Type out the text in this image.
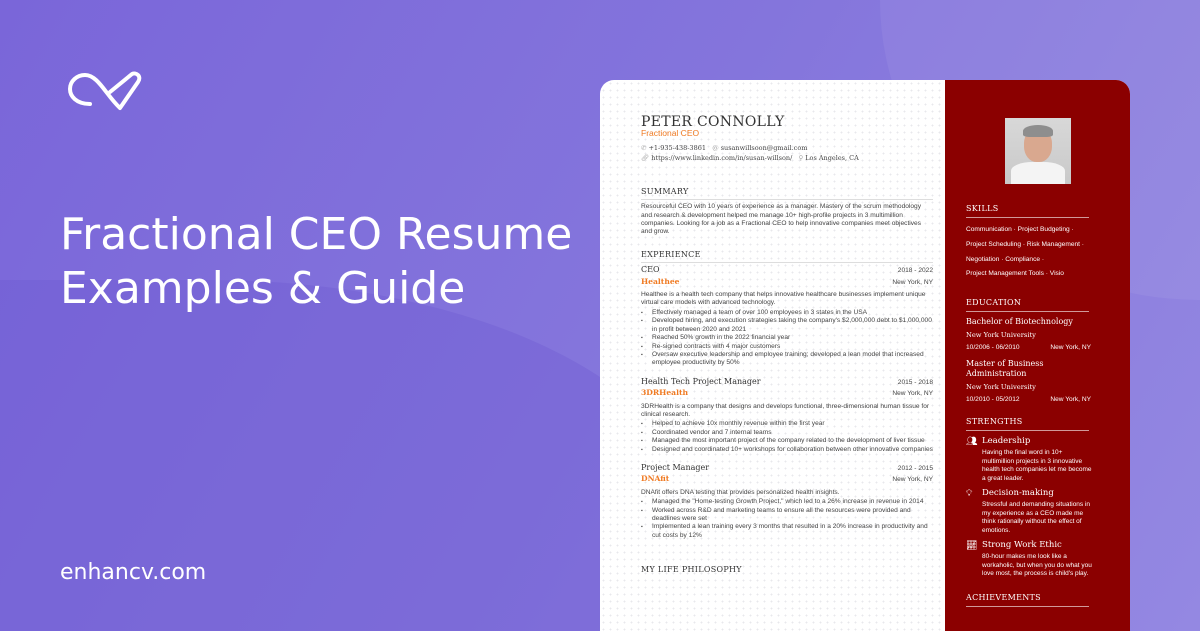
Fractional CEO Resume Examples & Guide
enhancv.com
PETER CONNOLLY
Fractional CEO
✆ +1-935-438-3861 @ susanwillsoon@gmail.com
🔗︎ https://www.linkedin.com/in/susan-willson/ ⚲ Los Angeles, CA
SUMMARY
Resourceful CEO with 10 years of experience as a manager. Mastery of the scrum methodology and research & development helped me manage 10+ high-profile projects in 3 multimillion companies. Looking for a job as a Fractional CEO to help innovative companies meet objectives and grow.
EXPERIENCE
CEO	2018 - 2022
Healthee	New York, NY
Healthee is a health tech company that helps innovative healthcare businesses implement unique virtual care models with advanced technology.
▪ Effectively managed a team of over 100 employees in 3 states in the USA
▪ Developed hiring, and execution strategies taking the company's $2,000,000 debt to $1,000,000 in profit between 2020 and 2021
▪ Reached 50% growth in the 2022 financial year
▪ Re-signed contracts with 4 major customers
▪ Oversaw executive leadership and employee training; developed a lean model that increased employee productivity by 50%
Health Tech Project Manager	2015 - 2018
3DRHealth	New York, NY
3DRHealth is a company that designs and develops functional, three-dimensional human tissue for clinical research.
▪ Helped to achieve 10x monthly revenue within the first year
▪ Coordinated vendor and 7 internal teams
▪ Managed the most important project of the company related to the development of liver tissue
▪ Designed and coordinated 10+ workshops for collaboration between other innovative companies
Project Manager	2012 - 2015
DNAfit	New York, NY
DNAfit offers DNA testing that provides personalized health insights.
▪ Managed the "Home-testing Growth Project," which led to a 26% increase in revenue in 2014
▪ Worked across R&D and marketing teams to ensure all the resources were provided and deadlines were set
▪ Implemented a lean training every 3 months that resulted in a 20% increase in productivity and cut costs by 12%
MY LIFE PHILOSOPHY
SKILLS
Communication · Project Budgeting ·
Project Scheduling · Risk Management ·
Negotiation · Compliance ·
Project Management Tools · Visio
EDUCATION
Bachelor of Biotechnology
New York University
10/2006 - 06/2010	New York, NY
Master of Business Administration
New York University
10/2010 - 05/2012	New York, NY
STRENGTHS
👥︎ Leadership
Having the final word in 10+ multimillion projects in 3 innovative health tech companies let me become a great leader.
💡︎	Decision-making
Stressful and demanding situations in my experience as a CEO made me think rationally without the effect of emotions.
📈︎ Strong Work Ethic
80-hour makes me look like a workaholic, but when you do what you love most, the process is child's play.
ACHIEVEMENTS
